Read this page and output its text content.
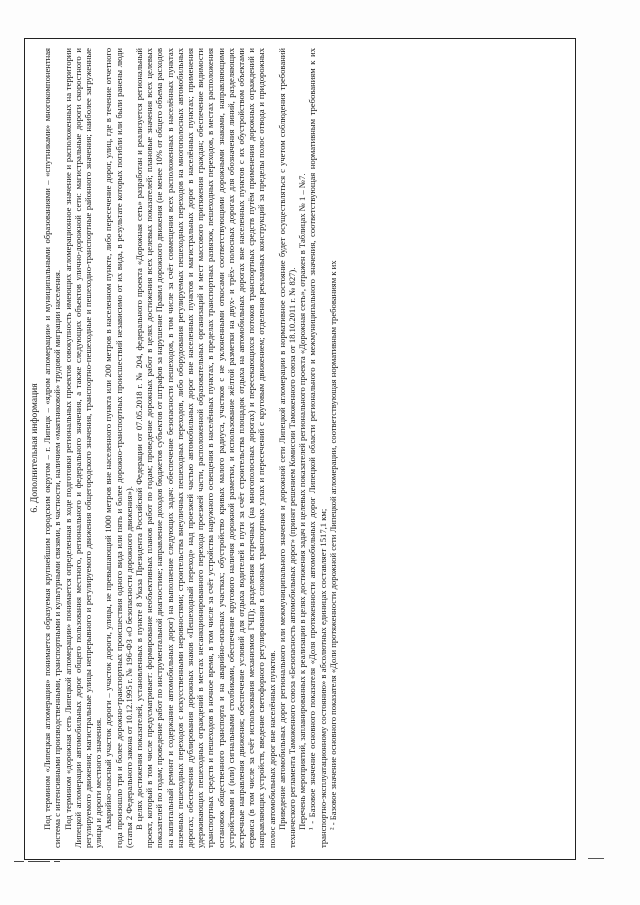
6. Дополнительная информация Под термином «Липецкая агломерация» понимается образуемая крупнейшим городским округом – г. Липецк – «ядром агломерации» и муниципальными образованиями – «спутниками» многокомпонентная система с интенсивными производственными, транспортными и культурными связями, в частности, наличием «маятниковой» трудовой миграции населения. Под термином «дорожная сеть Липецкой агломерации» понимается определенная в ходе подготовки региональных проектов совокупность имеющих агломерационное значение и расположенных на территории Липецкой агломерации автомобильных дорог общего пользования местного, регионального и федерального значения, а также следующих объектов улично-дорожной сети: магистральные дороги скоростного и регулируемого движения; магистральные улицы непрерывного и регулируемого движения общегородского значения, транспортно-пешеходные и пешеходно-транспортные районного значения; наиболее загруженные улицы и дороги местного значения. Аварийно-опасный участок дороги – участок дороги, улицы, не превышающий 1000 метров вне населенного пункта или 200 метров в населенном пункте, либо пересечение дорог, улиц, где в течение отчетного года произошло три и более дорожно-транспортных происшествия одного вида или пять и более дорожно-транспортных происшествий независимо от их вида, в результате которых погибли или были ранены люди (статья 2 Федерального закона от 10.12.1995 г. № 196-ФЗ «О безопасности дорожного движения»). В целях достижения показателей, установленных в пункте 8 Указа Президента Российской Федерации от 07.05.2018 г. № 204, федерального проекта «Дорожная сеть» разработан и реализуется региональный проект, который в том числе предусматривает: формирование необъективных планов работ по годам; проведение дорожных работ в целях достижения всех целевых показателей; плановые значения всех целевых показателей по годам; проведение работ по инструментальной диагностике; направление доходов бюджетов субъектов от штрафов за нарушение Правил дорожного движения (не менее 10% от общего объема расходов на капитальный ремонт и содержание автомобильных дорог) на выполнение следующих задач: обеспечение безопасности пешеходов, в том числе за счёт совмещения всех расположенных в населённых пунктах наземных пешеходных переходов с искусственными неровностями; строительства внеуличных пешеходных переходов, либо оборудования регулируемых пешеходных переходов на многополосных автомобильных дорогах; обеспечения дублирования дорожных знаков «Пешеходный переход» над проезжей частью автомобильных дорог вне населенных пунктов и магистральных дорог в населённых пунктах; применения удерживающих пешеходных ограждений в местах несанкционированного перехода проезжей части, расположенной образовательных организаций и мест массового притяжения граждан; обеспечение видимости транспортных средств и пешеходов в ночное время, в том числе за счёт устройства наружного освещения в населённых пунктах, в пределах транспортных развязок, пешеходных переходов, в местах расположения остановок общественного транспорта и на аварийно-опасных участках; обустройство кривых малого радиуса, участков с не уклоненными откосами соответствующими дорожными знаками, направляющими устройствами и (или) сигнальными столбиками, обеспечение кругового наличия дорожной разметки, и использование жёлтой разметки на двух- и трёх- полосных дорогах для обозначения линий, разделяющих встречные направления движения; обеспечение условий для отдыха водителей в пути за счёт строительства площадок отдыха на автомобильных дорогах вне населенных пунктов с их обустройством объектами сервиса (в том числе за счёт использования механизмов ГЧП); разделения встречных (на многополосных дорогах) и пересекающихся потоков транспортных средств путём применения дорожных ограждений и направляющих устройств, введение светофорного регулирования в сложных транспортных узлах и пересечений с круговым движением; отделения рекламных конструкций за пределы полос отвода и придорожных полос автомобильных дорог вне населённых пунктов. Приведение автомобильных дорог регионального или межмуниципального значения и дорожной сети Липецкой агломерации в нормативное состояние будет осуществляться с учетом соблюдения требований технического регламента Таможенного союза «Безопасность автомобильных дорог» (принят решением Комиссии Таможенного союза от 18.10.2011 г. № 827). Перечень мероприятий, запланированных к реализации в целях достижения задач и целевых показателей регионального проекта «Дорожная сеть», отражен в Таблицах № 1 – №7. ¹ - Базовое значение основного показателя «Доля протяженности автомобильных дорог Липецкой области регионального и межмуниципального значения, соответствующая нормативным требованиям к их транспортно-эксплуатационному состоянию» в абсолютных единицах составляет 1517,1 км; ² - Базовое значение основного показателя «Доли протяженности дорожной сети Липецкой агломерации, соответствующая нормативным требованиям к их
